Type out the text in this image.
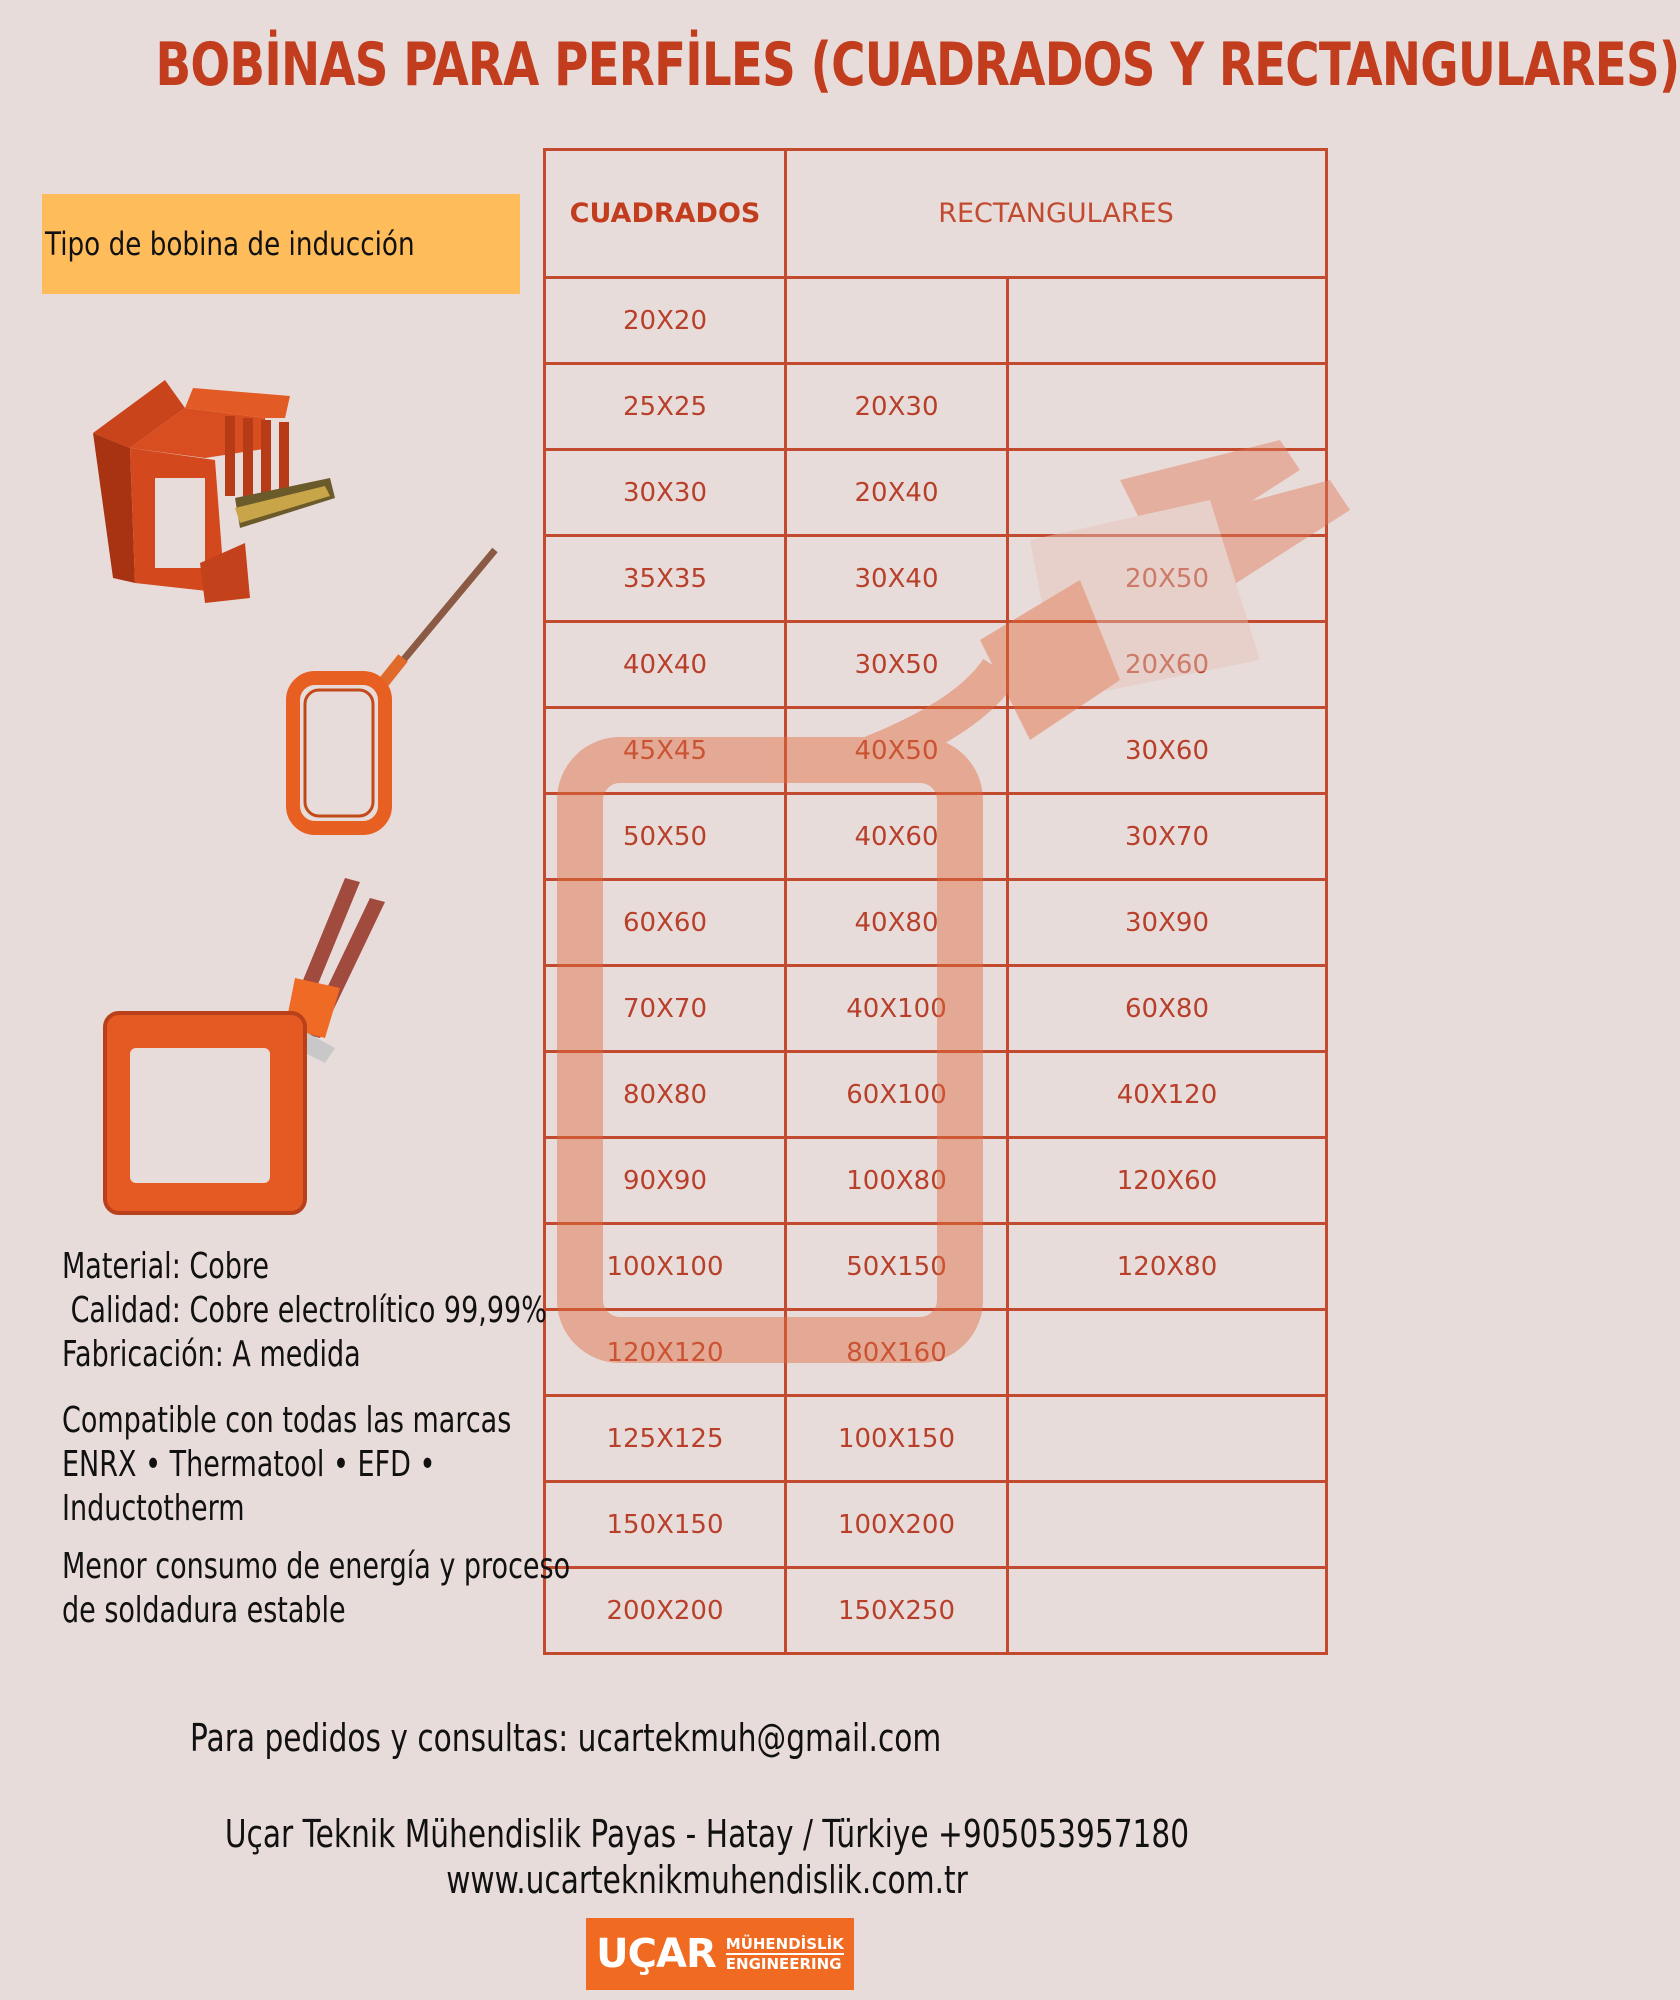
BOBİNAS PARA PERFİLES (CUADRADOS Y RECTANGULARES)
Tipo de bobina de inducción
CUADRADOS	RECTANGULARES	
20X20		
25X25	20X30	
30X30	20X40	
35X35	30X40	20X50
40X40	30X50	20X60
45X45	40X50	30X60
50X50	40X60	30X70
60X60	40X80	30X90
70X70	40X100	60X80
80X80	60X100	40X120
90X90	100X80	120X60
100X100	50X150	120X80
120X120	80X160	
125X125	100X150	
150X150	100X200	
200X200	150X250	

Material: Cobre

Calidad: Cobre electrolítico 99,99%

Fabricación: A medida

Compatible con todas las marcas

ENRX • Thermatool • EFD •

Inductotherm

Menor consumo de energía y proceso

de soldadura estable

Para pedidos y consultas: ucartekmuh@gmail.com
Uçar Teknik Mühendislik Payas - Hatay / Türkiye +905053957180
www.ucarteknikmuhendislik.com.tr
UÇAR MÜHENDİSLİK
ENGINEERING
